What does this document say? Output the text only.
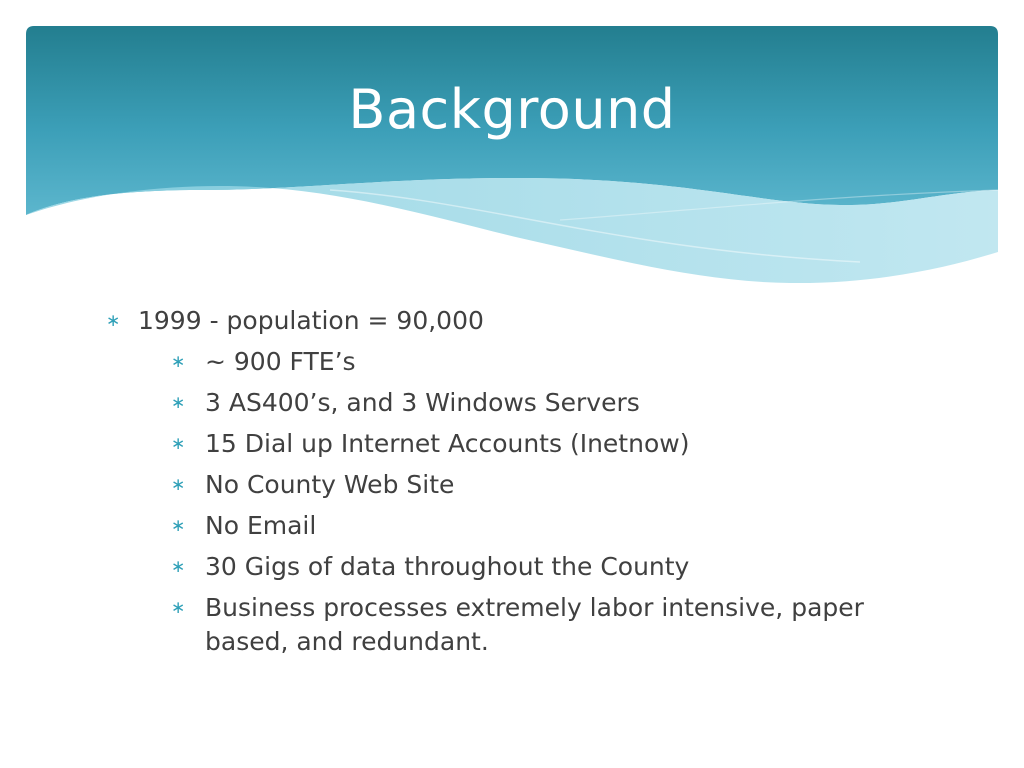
Background
∗ 1999 - population = 90,000
∗ ~ 900 FTE’s
∗ 3 AS400’s, and 3 Windows Servers
∗ 15 Dial up Internet Accounts (Inetnow)
∗ No County Web Site
∗ No Email
∗ 30 Gigs of data throughout the County
∗ Business processes extremely labor intensive, paper based, and redundant.
